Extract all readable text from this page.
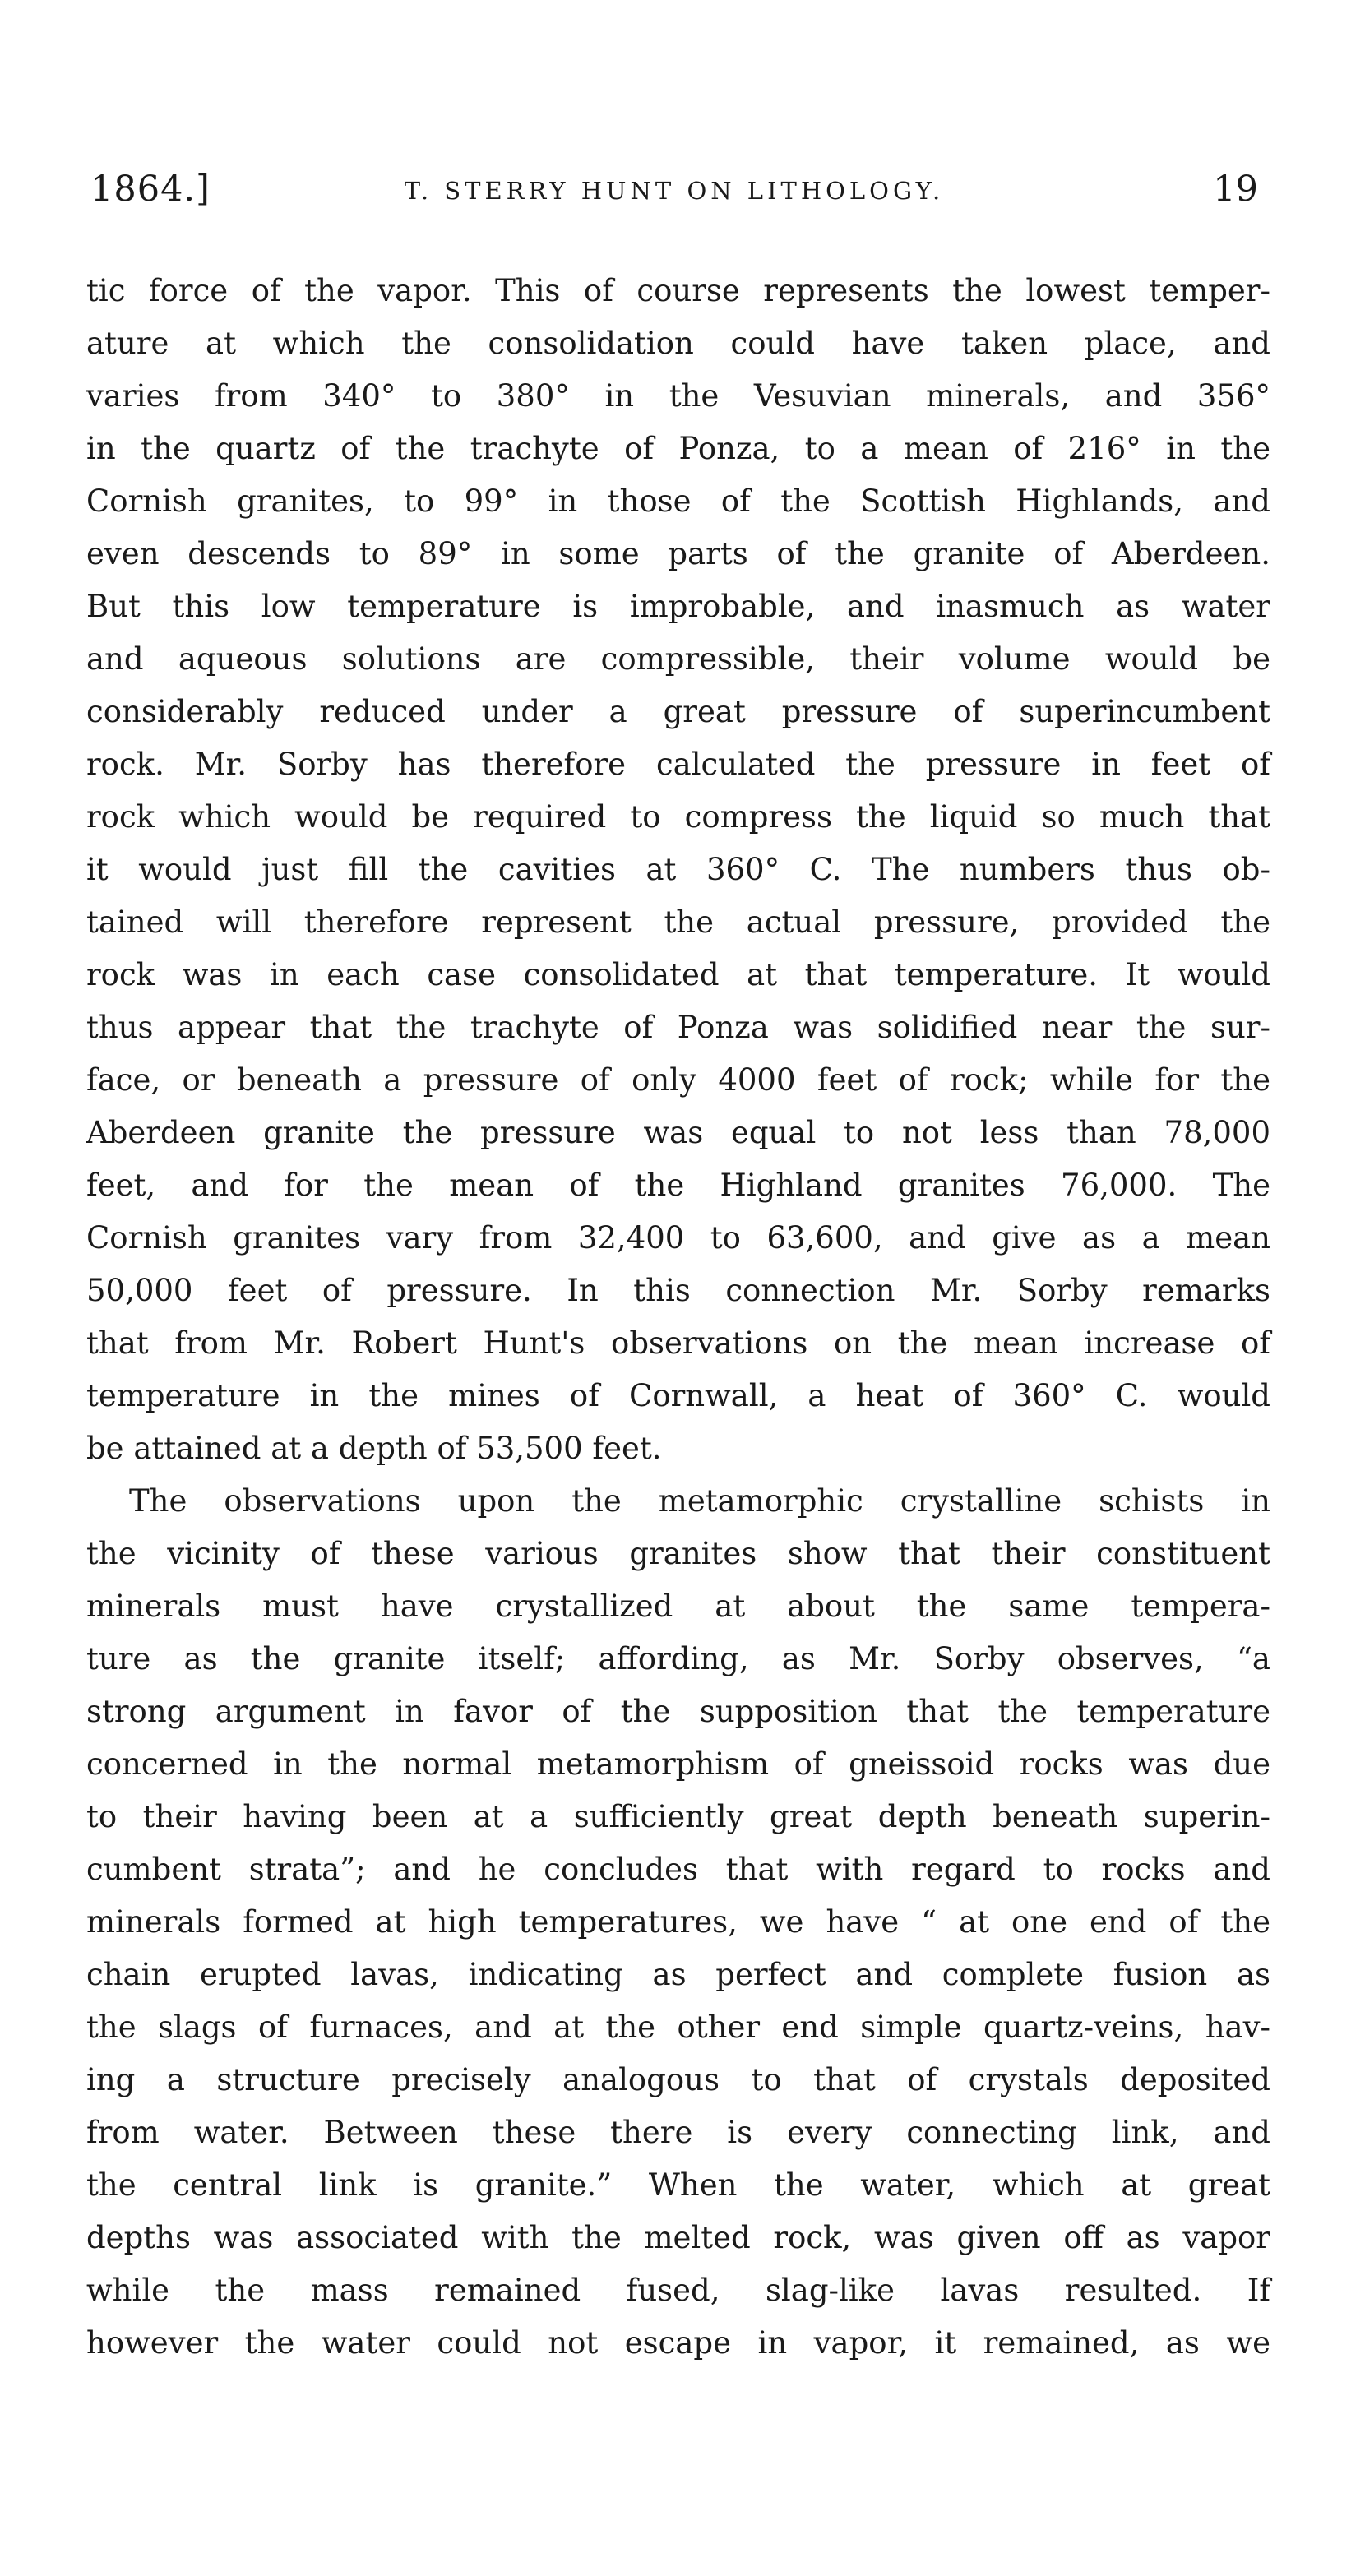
1864.]	T. STERRY HUNT ON LITHOLOGY.	19
tic force of the vapor. This of course represents the lowest temper-
ature at which the consolidation could have taken place, and
varies from 340° to 380° in the Vesuvian minerals, and 356°
in the quartz of the trachyte of Ponza, to a mean of 216° in the
Cornish granites, to 99° in those of the Scottish Highlands, and
even descends to 89° in some parts of the granite of Aberdeen.
But this low temperature is improbable, and inasmuch as water
and aqueous solutions are compressible, their volume would be
considerably reduced under a great pressure of superincumbent
rock. Mr. Sorby has therefore calculated the pressure in feet of
rock which would be required to compress the liquid so much that
it would just fill the cavities at 360° C. The numbers thus ob-
tained will therefore represent the actual pressure, provided the
rock was in each case consolidated at that temperature. It would
thus appear that the trachyte of Ponza was solidified near the sur-
face, or beneath a pressure of only 4000 feet of rock; while for the
Aberdeen granite the pressure was equal to not less than 78,000
feet, and for the mean of the Highland granites 76,000. The
Cornish granites vary from 32,400 to 63,600, and give as a mean
50,000 feet of pressure. In this connection Mr. Sorby remarks
that from Mr. Robert Hunt's observations on the mean increase of
temperature in the mines of Cornwall, a heat of 360° C. would
be attained at a depth of 53,500 feet.
The observations upon the metamorphic crystalline schists in
the vicinity of these various granites show that their constituent
minerals must have crystallized at about the same tempera-
ture as the granite itself; affording, as Mr. Sorby observes, “a
strong argument in favor of the supposition that the temperature
concerned in the normal metamorphism of gneissoid rocks was due
to their having been at a sufficiently great depth beneath superin-
cumbent strata”; and he concludes that with regard to rocks and
minerals formed at high temperatures, we have “ at one end of the
chain erupted lavas, indicating as perfect and complete fusion as
the slags of furnaces, and at the other end simple quartz-veins, hav-
ing a structure precisely analogous to that of crystals deposited
from water. Between these there is every connecting link, and
the central link is granite.” When the water, which at great
depths was associated with the melted rock, was given off as vapor
while the mass remained fused, slag-like lavas resulted. If
however the water could not escape in vapor, it remained, as we
